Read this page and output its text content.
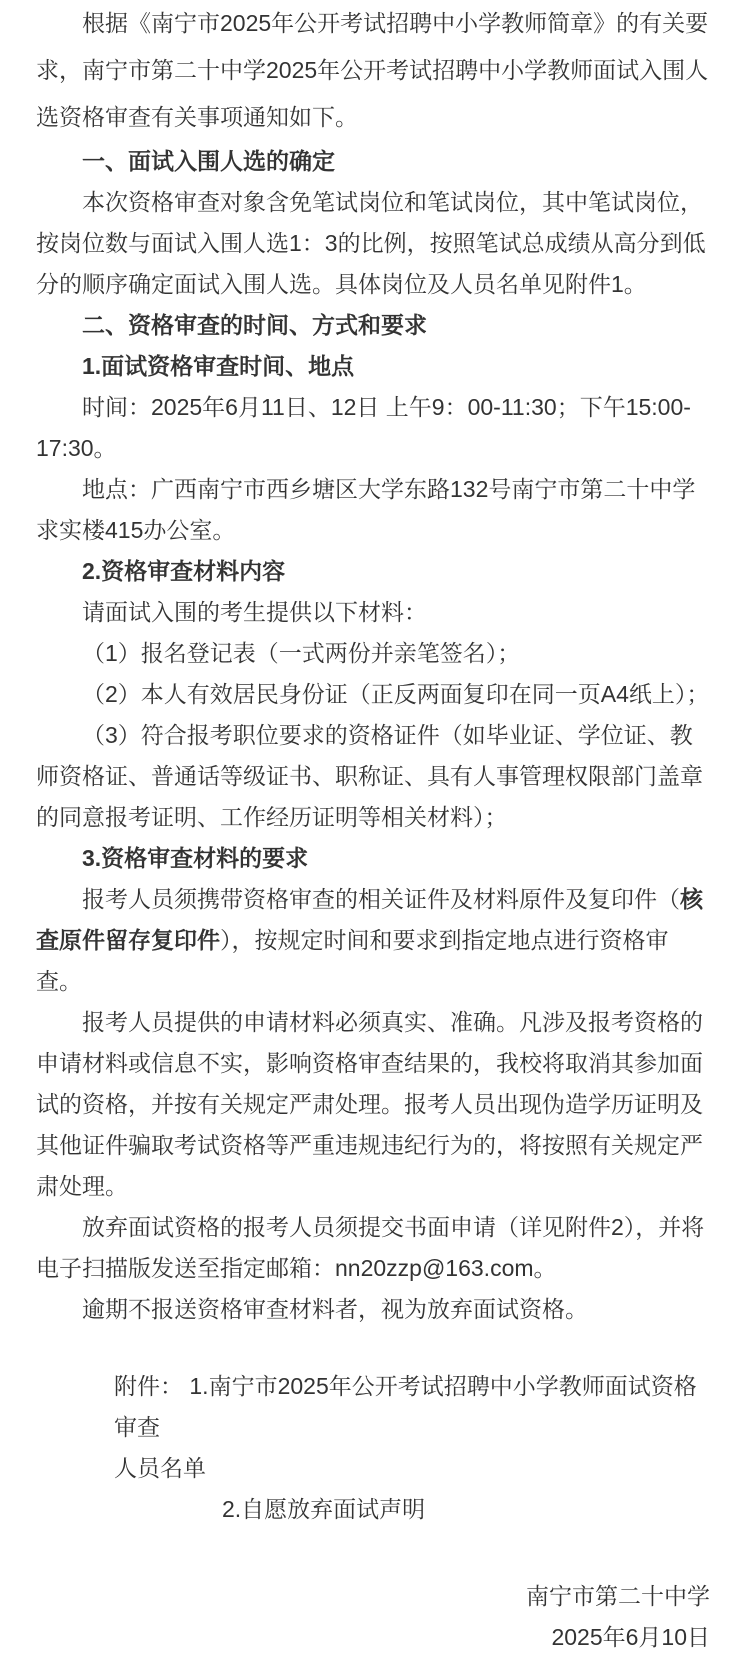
根据《南宁市2025年公开考试招聘中小学教师简章》的有关要求，南宁市第二十中学2025年公开考试招聘中小学教师面试入围人选资格审查有关事项通知如下。

一、面试入围人选的确定

本次资格审查对象含免笔试岗位和笔试岗位，其中笔试岗位，按岗位数与面试入围人选1：3的比例，按照笔试总成绩从高分到低分的顺序确定面试入围人选。具体岗位及人员名单见附件1。

二、资格审查的时间、方式和要求

1.面试资格审查时间、地点

时间：2025年6月11日、12日 上午9：00-11:30；下午15:00-17:30。

地点：广西南宁市西乡塘区大学东路132号南宁市第二十中学求实楼415办公室。

2.资格审查材料内容

请面试入围的考生提供以下材料：

（1）报名登记表（一式两份并亲笔签名）；

（2）本人有效居民身份证（正反两面复印在同一页A4纸上）；

（3）符合报考职位要求的资格证件（如毕业证、学位证、教师资格证、普通话等级证书、职称证、具有人事管理权限部门盖章的同意报考证明、工作经历证明等相关材料）；

3.资格审查材料的要求

报考人员须携带资格审查的相关证件及材料原件及复印件（核查原件留存复印件），按规定时间和要求到指定地点进行资格审查。

报考人员提供的申请材料必须真实、准确。凡涉及报考资格的申请材料或信息不实，影响资格审查结果的，我校将取消其参加面试的资格，并按有关规定严肃处理。报考人员出现伪造学历证明及其他证件骗取考试资格等严重违规违纪行为的，将按照有关规定严肃处理。

放弃面试资格的报考人员须提交书面申请（详见附件2），并将电子扫描版发送至指定邮箱：nn20zzp@163.com。

逾期不报送资格审查材料者，视为放弃面试资格。

附件： 1.南宁市2025年公开考试招聘中小学教师面试资格审查

人员名单

2.自愿放弃面试声明

南宁市第二十中学

2025年6月10日
